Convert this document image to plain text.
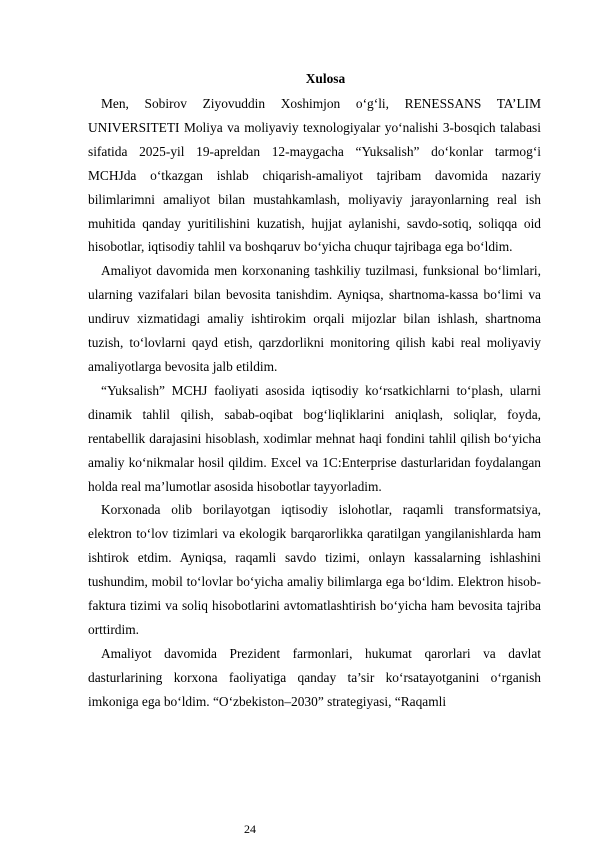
Xulosa

Men, Sobirov Ziyovuddin Xoshimjon o‘g‘li, RENESSANS TA’LIM UNIVERSITETI Moliya va moliyaviy texnologiyalar yo‘nalishi 3-bosqich talabasi sifatida 2025-yil 19-apreldan 12-maygacha “Yuksalish” do‘konlar tarmog‘i MCHJda o‘tkazgan ishlab chiqarish-amaliyot tajribam davomida nazariy bilimlarimni amaliyot bilan mustahkamlash, moliyaviy jarayonlarning real ish muhitida qanday yuritilishini kuzatish, hujjat aylanishi, savdo-sotiq, soliqqa oid hisobotlar, iqtisodiy tahlil va boshqaruv bo‘yicha chuqur tajribaga ega bo‘ldim.

Amaliyot davomida men korxonaning tashkiliy tuzilmasi, funksional bo‘limlari, ularning vazifalari bilan bevosita tanishdim. Ayniqsa, shartnoma-kassa bo‘limi va undiruv xizmatidagi amaliy ishtirokim orqali mijozlar bilan ishlash, shartnoma tuzish, to‘lovlarni qayd etish, qarzdorlikni monitoring qilish kabi real moliyaviy amaliyotlarga bevosita jalb etildim.

“Yuksalish” MCHJ faoliyati asosida iqtisodiy ko‘rsatkichlarni to‘plash, ularni dinamik tahlil qilish, sabab-oqibat bog‘liqliklarini aniqlash, soliqlar, foyda, rentabellik darajasini hisoblash, xodimlar mehnat haqi fondini tahlil qilish bo‘yicha amaliy ko‘nikmalar hosil qildim. Excel va 1C:Enterprise dasturlaridan foydalangan holda real ma’lumotlar asosida hisobotlar tayyorladim.

Korxonada olib borilayotgan iqtisodiy islohotlar, raqamli transformatsiya, elektron to‘lov tizimlari va ekologik barqarorlikka qaratilgan yangilanishlarda ham ishtirok etdim. Ayniqsa, raqamli savdo tizimi, onlayn kassalarning ishlashini tushundim, mobil to‘lovlar bo‘yicha amaliy bilimlarga ega bo‘ldim. Elektron hisob-faktura tizimi va soliq hisobotlarini avtomatlashtirish bo‘yicha ham bevosita tajriba orttirdim.

Amaliyot davomida Prezident farmonlari, hukumat qarorlari va davlat dasturlarining korxona faoliyatiga qanday ta’sir ko‘rsatayotganini o‘rganish imkoniga ega bo‘ldim. “O‘zbekiston–2030” strategiyasi, “Raqamli

24
